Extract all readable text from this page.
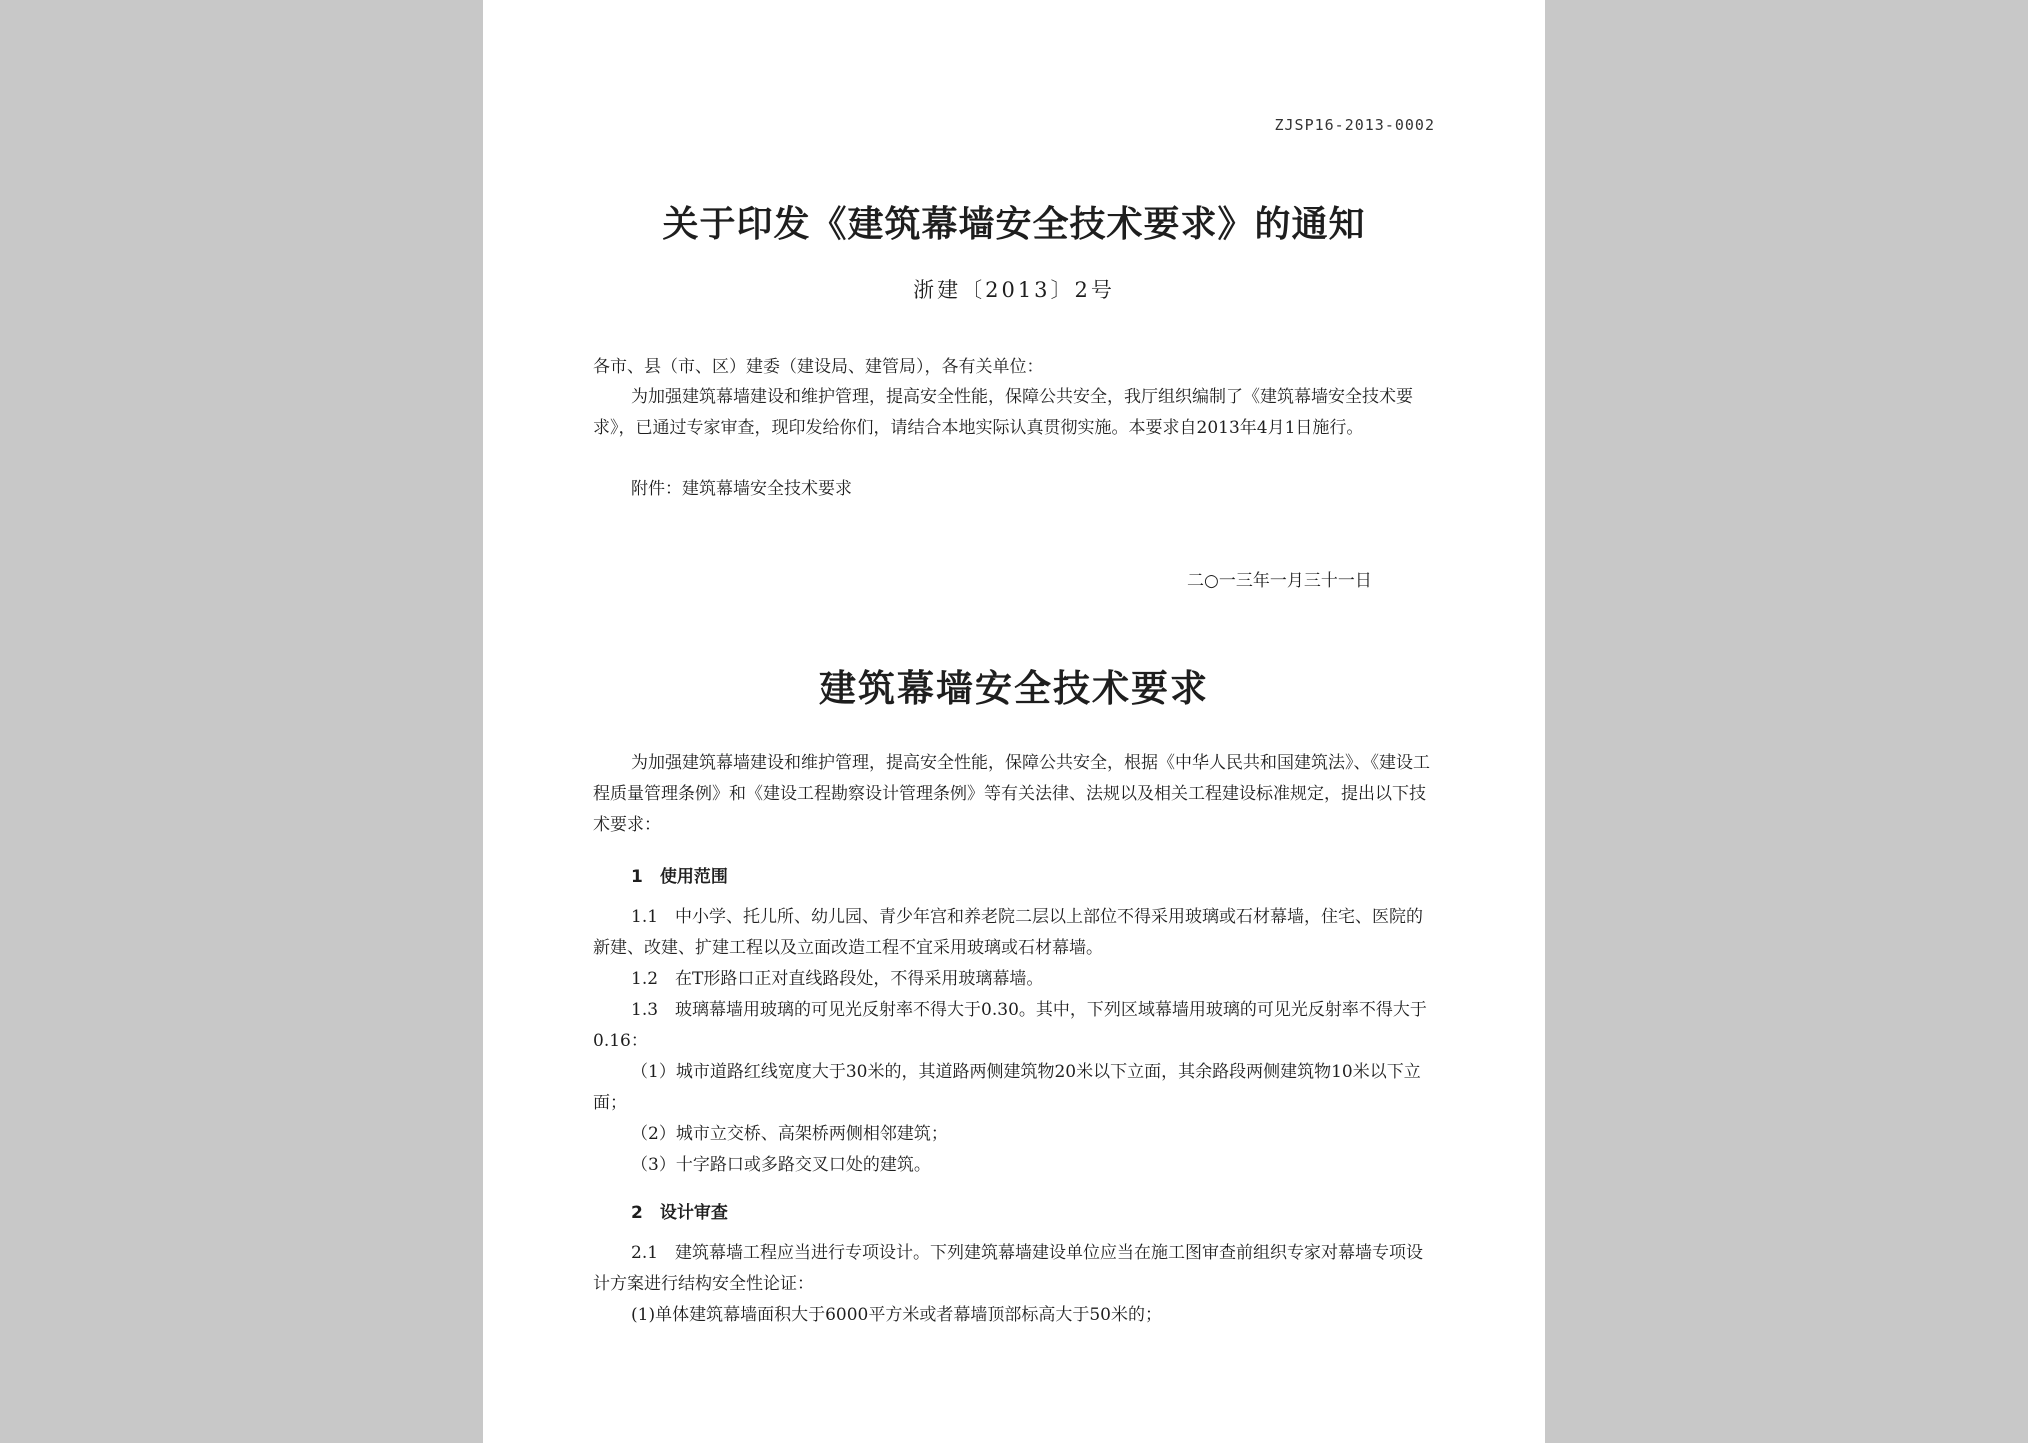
ZJSP16-2013-0002
关于印发《建筑幕墙安全技术要求》的通知
浙建〔2013〕2号
各市、县（市、区）建委（建设局、建管局），各有关单位：
为加强建筑幕墙建设和维护管理，提高安全性能，保障公共安全，我厅组织编制了《建筑幕墙安全技术要求》，已通过专家审查，现印发给你们，请结合本地实际认真贯彻实施。本要求自2013年4月1日施行。
附件：建筑幕墙安全技术要求
二○一三年一月三十一日
建筑幕墙安全技术要求
为加强建筑幕墙建设和维护管理，提高安全性能，保障公共安全，根据《中华人民共和国建筑法》、《建设工程质量管理条例》和《建设工程勘察设计管理条例》等有关法律、法规以及相关工程建设标准规定，提出以下技术要求：
1　使用范围
1.1　中小学、托儿所、幼儿园、青少年宫和养老院二层以上部位不得采用玻璃或石材幕墙，住宅、医院的新建、改建、扩建工程以及立面改造工程不宜采用玻璃或石材幕墙。
1.2　在T形路口正对直线路段处，不得采用玻璃幕墙。
1.3　玻璃幕墙用玻璃的可见光反射率不得大于0.30。其中，下列区域幕墙用玻璃的可见光反射率不得大于0.16：
（1）城市道路红线宽度大于30米的，其道路两侧建筑物20米以下立面，其余路段两侧建筑物10米以下立面；
（2）城市立交桥、高架桥两侧相邻建筑；
（3）十字路口或多路交叉口处的建筑。
2　设计审查
2.1　建筑幕墙工程应当进行专项设计。下列建筑幕墙建设单位应当在施工图审查前组织专家对幕墙专项设计方案进行结构安全性论证：
(1)单体建筑幕墙面积大于6000平方米或者幕墙顶部标高大于50米的；
